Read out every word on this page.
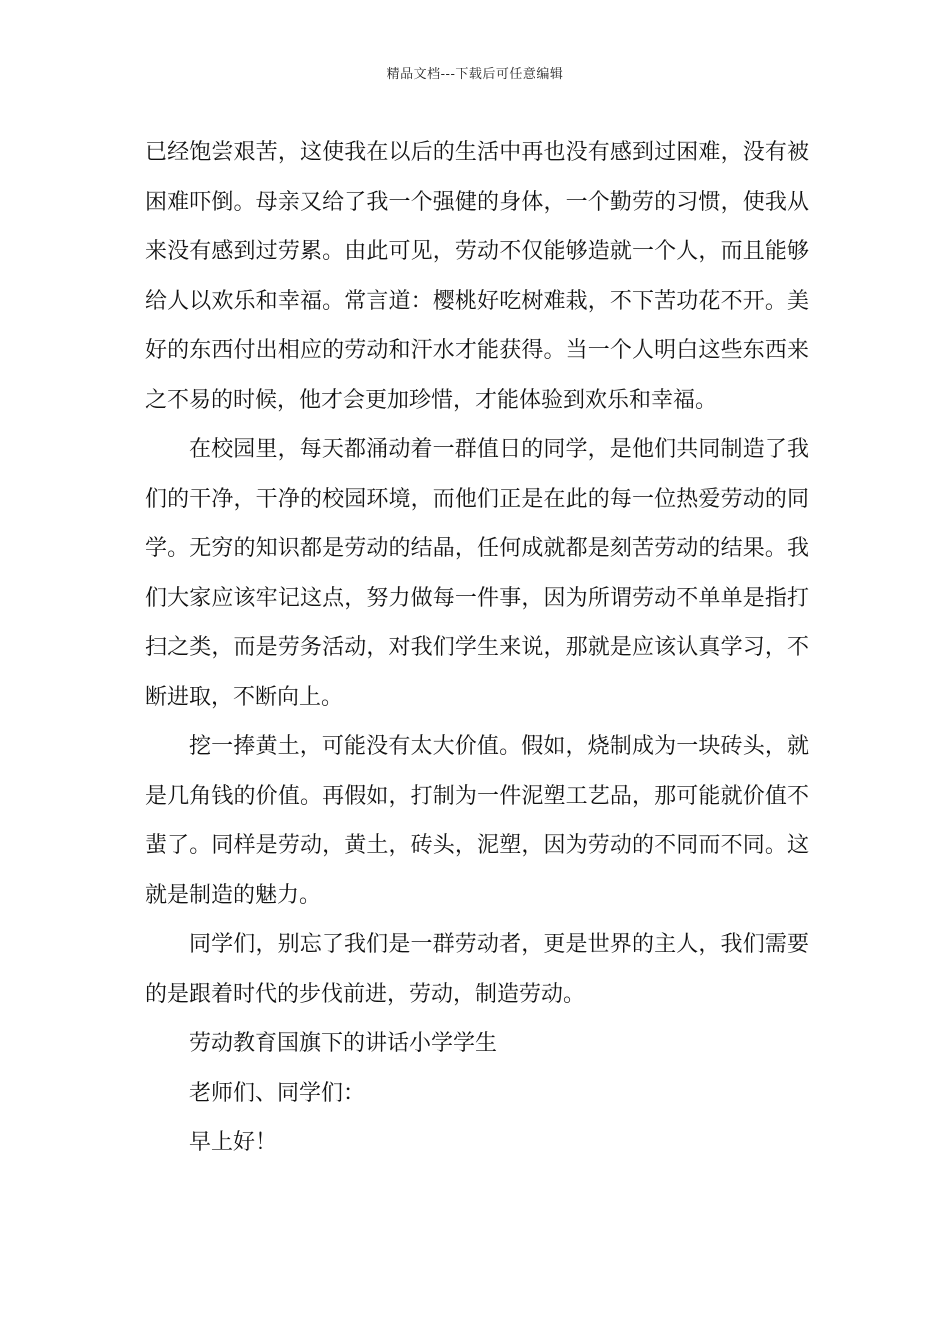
精品文档---下载后可任意编辑

已经饱尝艰苦，这使我在以后的生活中再也没有感到过困难，没有被困难吓倒。母亲又给了我一个强健的身体，一个勤劳的习惯，使我从来没有感到过劳累。由此可见，劳动不仅能够造就一个人，而且能够给人以欢乐和幸福。常言道：樱桃好吃树难栽，不下苦功花不开。美好的东西付出相应的劳动和汗水才能获得。当一个人明白这些东西来之不易的时候，他才会更加珍惜，才能体验到欢乐和幸福。

在校园里，每天都涌动着一群值日的同学，是他们共同制造了我们的干净，干净的校园环境，而他们正是在此的每一位热爱劳动的同学。无穷的知识都是劳动的结晶，任何成就都是刻苦劳动的结果。我们大家应该牢记这点，努力做每一件事，因为所谓劳动不单单是指打扫之类，而是劳务活动，对我们学生来说，那就是应该认真学习，不断进取，不断向上。

挖一捧黄土，可能没有太大价值。假如，烧制成为一块砖头，就是几角钱的价值。再假如，打制为一件泥塑工艺品，那可能就价值不蜚了。同样是劳动，黄土，砖头，泥塑，因为劳动的不同而不同。这就是制造的魅力。

同学们，别忘了我们是一群劳动者，更是世界的主人，我们需要的是跟着时代的步伐前进，劳动，制造劳动。

劳动教育国旗下的讲话小学学生

老师们、同学们：

早上好！
